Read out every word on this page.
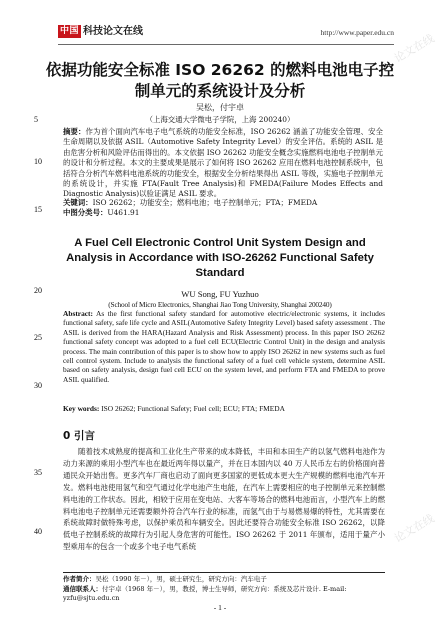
中国 科技论文在线	http://www.paper.edu.cn
论文在线
论文在线
依据功能安全标准 ISO 26262 的燃料电池电子控制单元的系统设计及分析
吴松，付宇卓
（上海交通大学微电子学院，上海 200240）
5
10
15
20
25
30
35
40
摘要：作为首个面向汽车电子电气系统的功能安全标准，ISO 26262 涵盖了功能安全管理、安全生命周期以及依据 ASIL（Automotive Safety Integrity Level）的安全评估。系统的 ASIL 是由危害分析和风险评估而得出的。本文依据 ISO 26262 功能安全概念实施燃料电池电子控制单元的设计和分析过程。本文的主要成果是展示了如何将 ISO 26262 应用在燃料电池控制系统中，包括符合分析汽车燃料电池系统的功能安全，根据安全分析结果得出 ASIL 等级，实施电子控制单元的系统设计，并实施 FTA(Fault Tree Analysis)和 FMEDA(Failure Modes Effects and Diagnostic Analysis)以验证满足 ASIL 要求。
关键词：ISO 26262；功能安全；燃料电池；电子控制单元；FTA；FMEDA
中图分类号：U461.91
A Fuel Cell Electronic Control Unit System Design and Analysis in Accordance with ISO-26262 Functional Safety Standard
WU Song, FU Yuzhuo
(School of Micro Electronics, Shanghai Jiao Tong University, Shanghai 200240)
Abstract: As the first functional safety standard for automotive electric/electronic systems, it includes functional safety, safe life cycle and ASIL(Automotive Safety Integrity Level) based safety assessment . The ASIL is derived from the HARA(Hazard Analysis and Risk Assessment) process. In this paper ISO 26262 functional safety concept was adopted to a fuel cell ECU(Electric Control Unit) in the design and analysis process. The main contribution of this paper is to show how to apply ISO 26262 in new systems such as fuel cell control system. Include to analysis the functional safety of a fuel cell vehicle system, determine ASIL based on safety analysis, design fuel cell ECU on the system level, and perform FTA and FMEDA to prove ASIL qualified.
Key words: ISO 26262; Functional Safety; Fuel cell; ECU; FTA; FMEDA
0 引言
随着技术成熟度的提高和工业化生产带来的成本降低，丰田和本田生产的以氢气燃料电池作为动力来源的乘用小型汽车也在最近两年得以量产，并在日本国内以 40 万人民币左右的价格面向普通民众开始出售。更多汽车厂商也启动了面向更多国家的更低成本更大生产规模的燃料电池汽车开发。燃料电池使用氢气和空气通过化学电池产生电能，在汽车上需要相应的电子控制单元来控制燃料电池的工作状态。因此，相较于应用在变电站、大客车等场合的燃料电池而言，小型汽车上的燃料电池电子控制单元还需要额外符合汽车行业的标准，而氢气由于与易燃易爆的特性，尤其需要在系统故障时做特殊考虑，以保护乘员和车辆安全。因此还要符合功能安全标准 ISO 26262，以降低电子控制系统的故障行为引起人身危害的可能性。ISO 26262 于 2011 年颁布，适用于量产小型乘用车的包含一个或多个电子电气系统
作者简介：吴松（1990 年－），男，硕士研究生，研究方向：汽车电子
通信联系人：付宇卓（1968 年－），男，教授，博士生导师，研究方向：系统及芯片设计. E-mail: yzfu@sjtu.edu.cn
- 1 -
